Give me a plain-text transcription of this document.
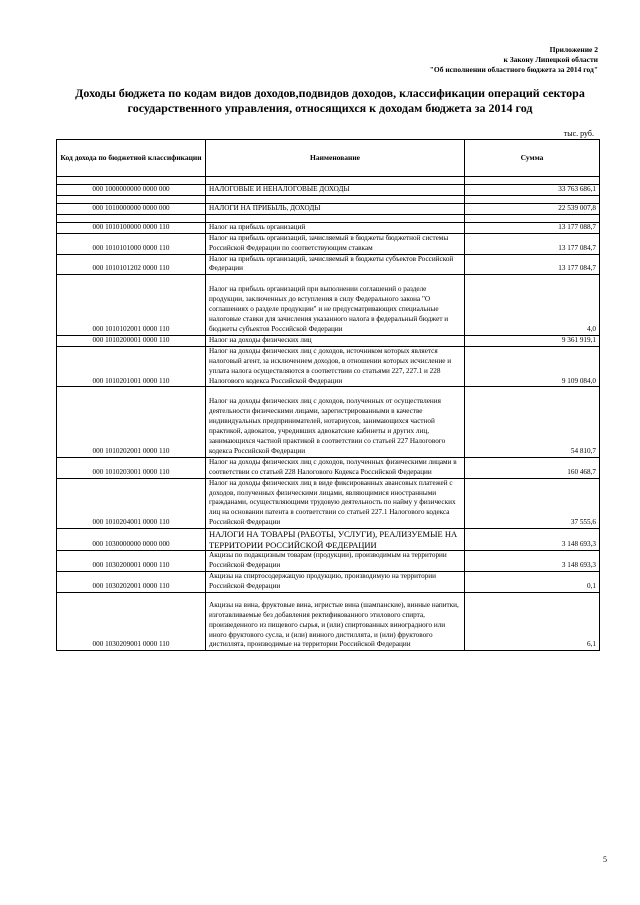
Приложение 2
к Закону Липецкой области
"Об исполнении областного бюджета за 2014 год"
Доходы бюджета по кодам видов доходов,подвидов доходов, классификации операций сектора
государственного управления, относящихся к доходам бюджета за 2014 год
тыс. руб.
Код дохода по бюджетной классификации	Наименование	Сумма

000 1000000000 0000 000	НАЛОГОВЫЕ И НЕНАЛОГОВЫЕ ДОХОДЫ	33 763 686,1

000 1010000000 0000 000	НАЛОГИ НА ПРИБЫЛЬ, ДОХОДЫ	22 539 007,8

000 1010100000 0000 110	Налог на прибыль организаций	13 177 088,7
000 1010101000 0000 110	Налог на прибыль организаций, зачисляемый в бюджеты бюджетной системы Российской Федерации по соответствующим ставкам	13 177 084,7
000 1010101202 0000 110	Налог на прибыль организаций, зачисляемый в бюджеты субъектов Российской Федерации	13 177 084,7
000 1010102001 0000 110	Налог на прибыль организаций при выполнении соглашений о разделе продукции, заключенных до вступления в силу Федерального закона "О соглашениях о разделе продукции" и не предусматривающих специальные налоговые ставки для зачисления указанного налога в федеральный бюджет и бюджеты субъектов Российской Федерации	4,0
000 1010200001 0000 110	Налог на доходы физических лиц	9 361 919,1
000 1010201001 0000 110	Налог на доходы физических лиц с доходов, источником которых является налоговый агент, за исключением доходов, в отношении которых исчисление и уплата налога осуществляются в соответствии со статьями 227, 227.1 и 228 Налогового кодекса Российской Федерации	9 109 084,0
000 1010202001 0000 110	Налог на доходы физических лиц с доходов, полученных от осуществления деятельности физическими лицами, зарегистрированными в качестве индивидуальных предпринимателей, нотариусов, занимающихся частной практикой, адвокатов, учредивших адвокатские кабинеты и других лиц, занимающихся частной практикой в соответствии со статьей 227 Налогового кодекса Российской Федерации	54 810,7
000 1010203001 0000 110	Налог на доходы физических лиц с доходов, полученных физическими лицами в соответствии со статьей 228 Налогового Кодекса Российской Федерации	160 468,7
000 1010204001 0000 110	Налог на доходы физических лиц в виде фиксированных авансовых платежей с доходов, полученных физическими лицами, являющимися иностранными гражданами, осуществляющими трудовую деятельность по найму у физических лиц на основании патента в соответствии со статьей 227.1 Налогового кодекса Российской Федерации	37 555,6
000 1030000000 0000 000	НАЛОГИ НА ТОВАРЫ (РАБОТЫ, УСЛУГИ), РЕАЛИЗУЕМЫЕ НА ТЕРРИТОРИИ РОССИЙСКОЙ ФЕДЕРАЦИИ	3 148 693,3
000 1030200001 0000 110	Акцизы по подакцизным товарам (продукции), производимым на территории Российской Федерации	3 148 693,3
000 1030202001 0000 110	Акцизы на спиртосодержащую продукцию, производимую на территории Российской Федерации	0,1
000 1030209001 0000 110	Акцизы на вина, фруктовые вина, игристые вина (шампанские), винные напитки, изготавливаемые без добавления ректификованного этилового спирта, произведенного из пищевого сырья, и (или) спиртованных виноградного или иного фруктового сусла, и (или) винного дистиллята, и (или) фруктового дистиллята, производимые на территории Российской Федерации	6,1
5
